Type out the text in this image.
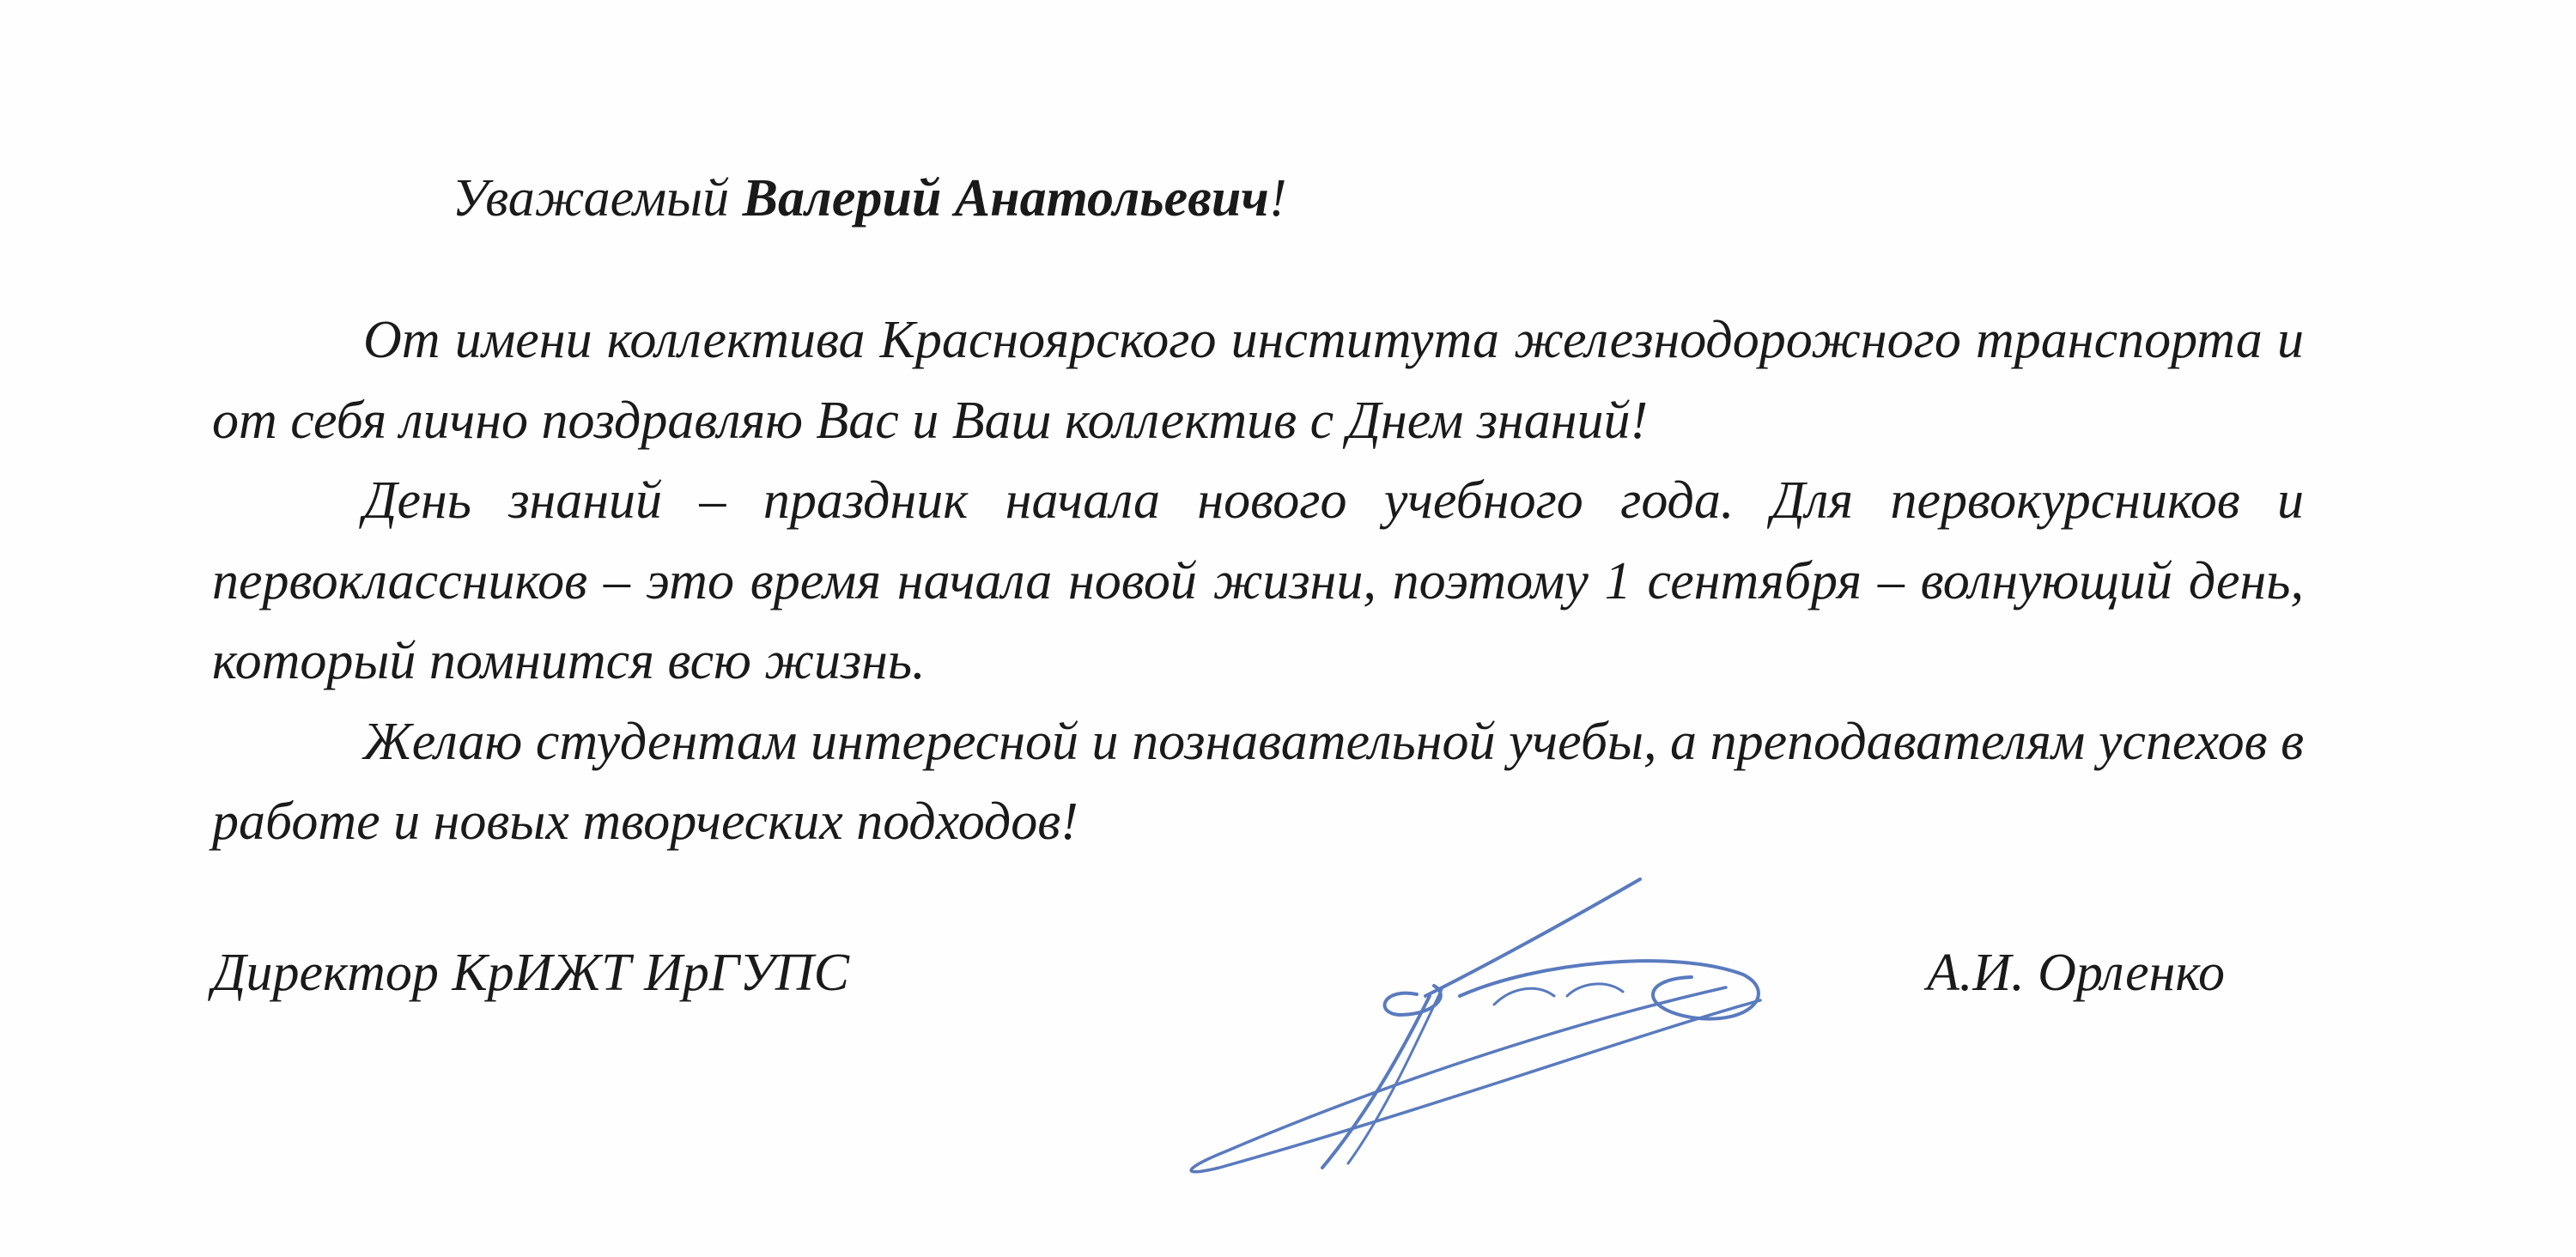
Уважаемый Валерий Анатольевич!

От имени коллектива Красноярского института железнодорожного транспорта и от себя лично поздравляю Вас и Ваш коллектив с Днем знаний!

День знаний – праздник начала нового учебного года. Для первокурсников и первоклассников – это время начала новой жизни, поэтому 1 сентября – волнующий день, который помнится всю жизнь.

Желаю студентам интересной и познавательной учебы, а преподавателям успехов в работе и новых творческих подходов!

Директор КрИЖТ ИрГУПС	А.И. Орленко
